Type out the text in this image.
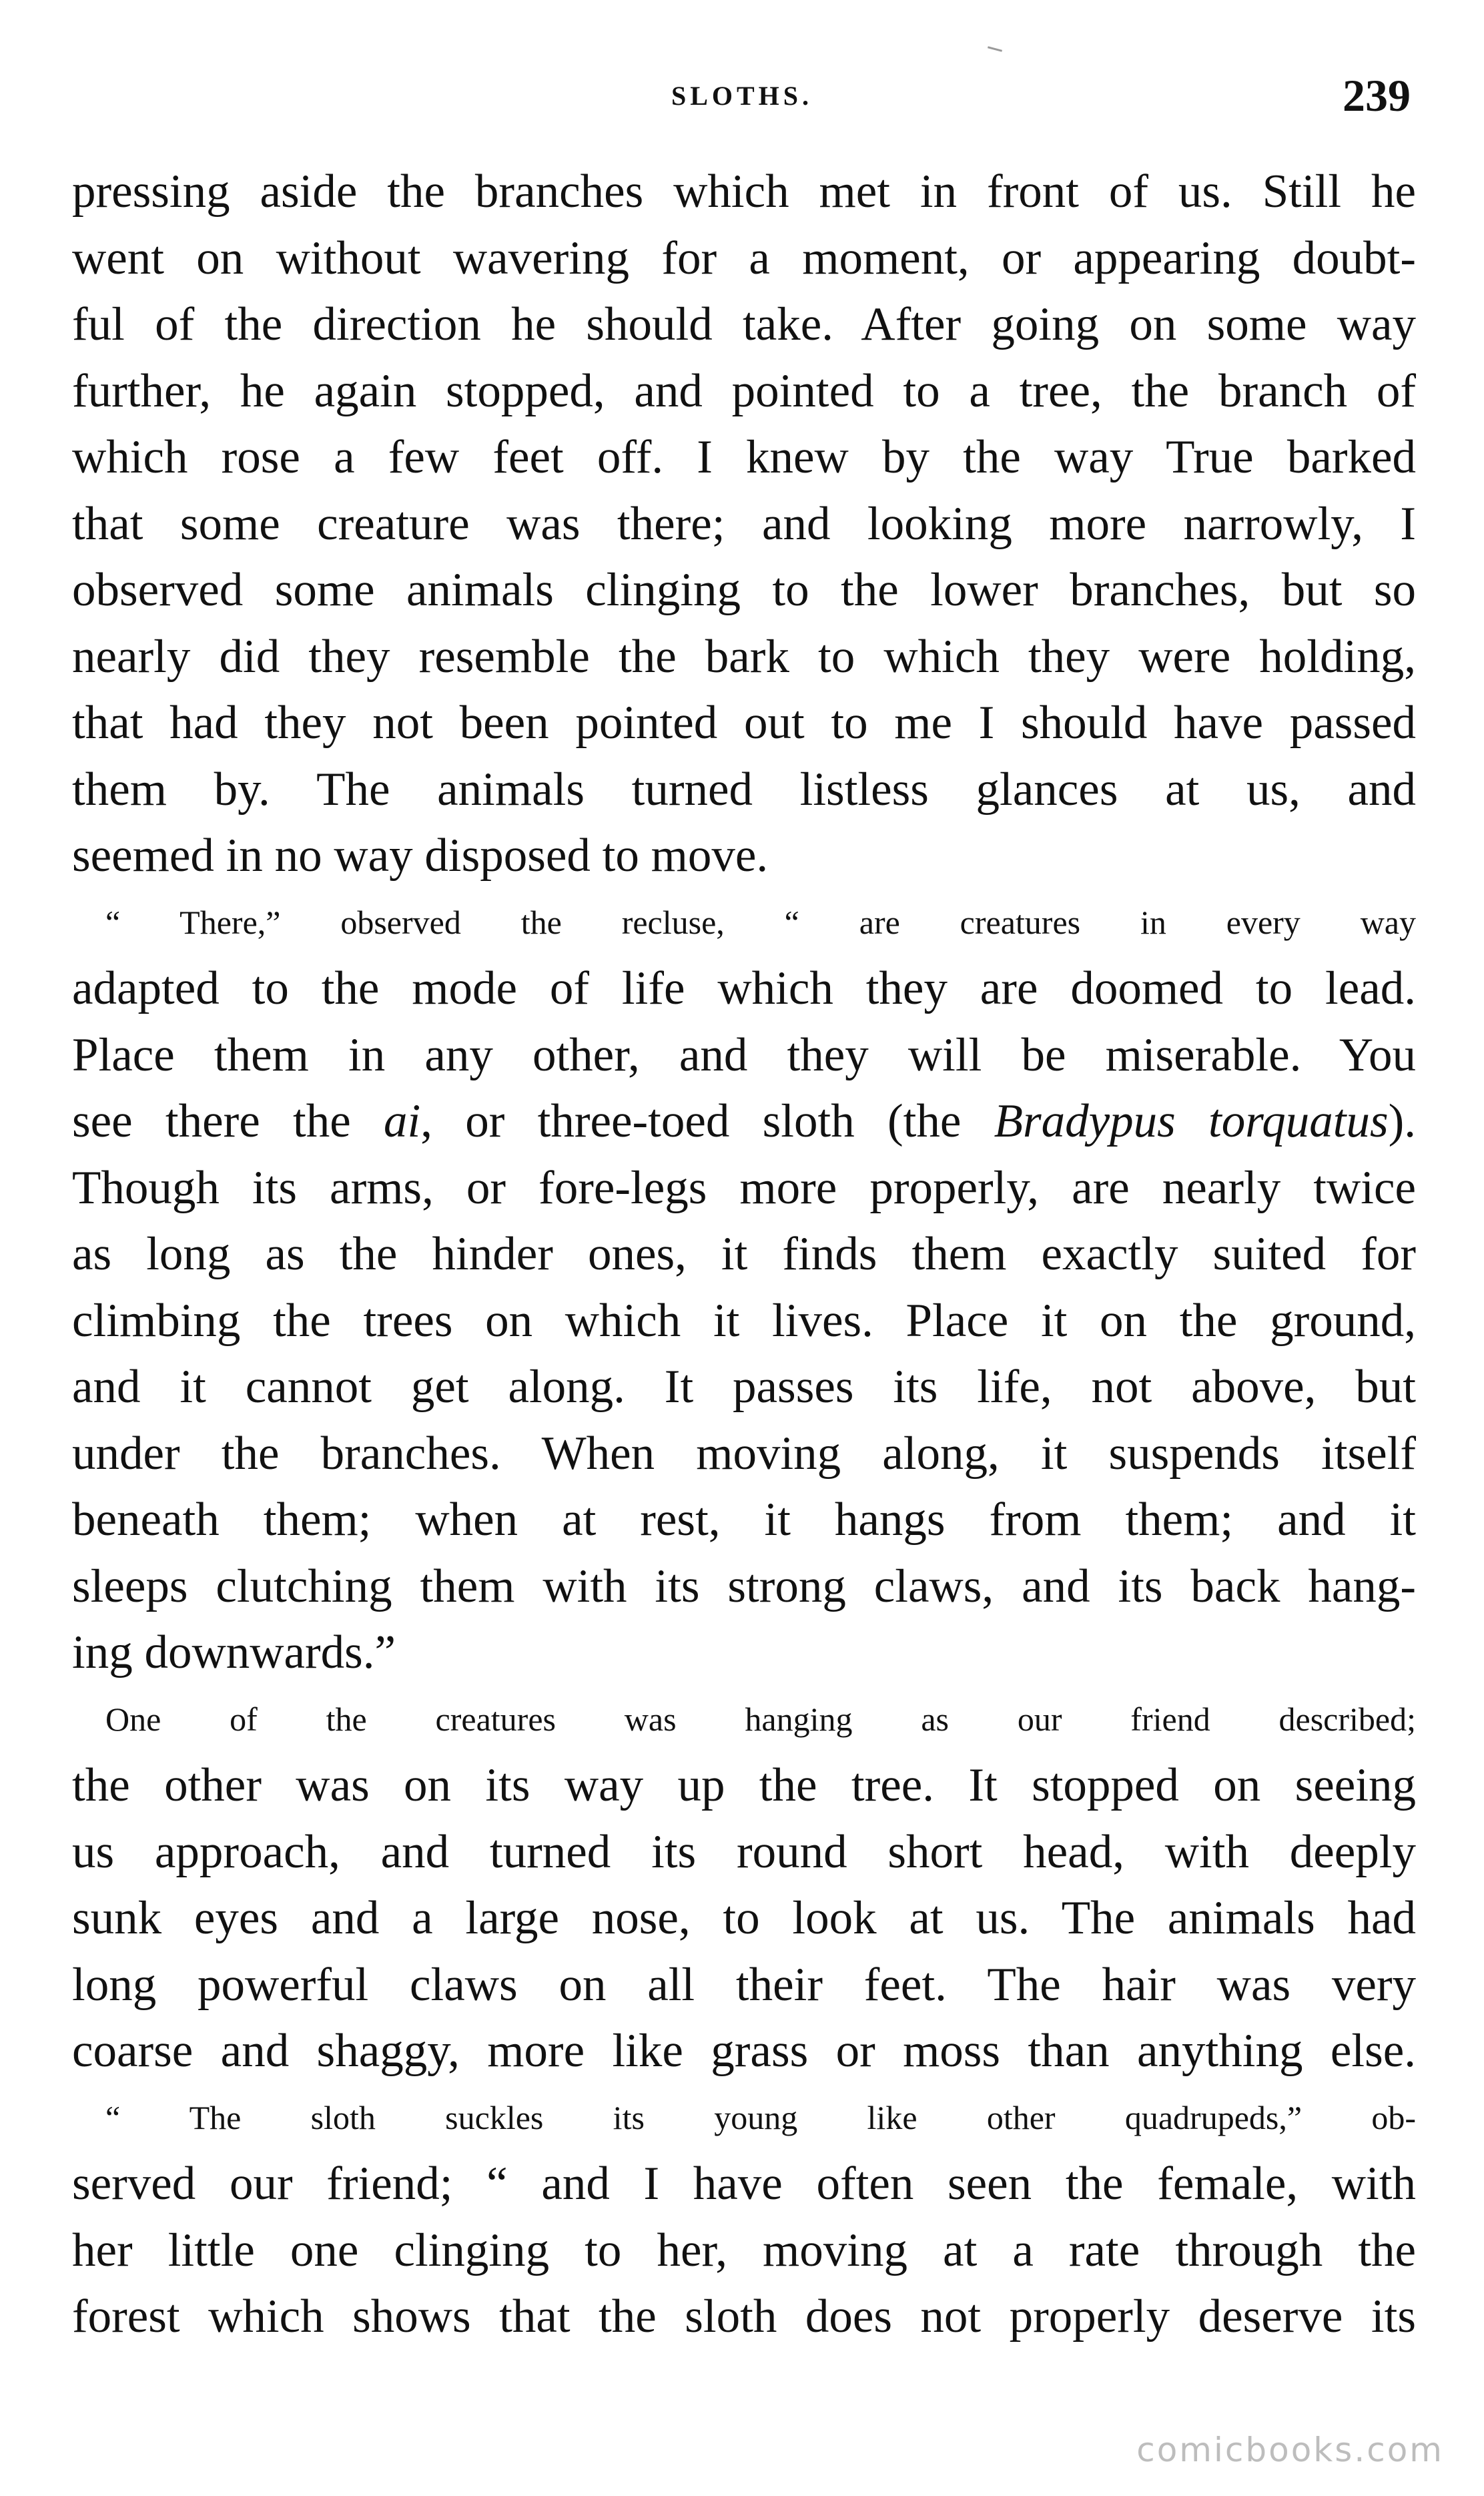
SLOTHS.	239
pressing aside the branches which met in front of us. Still he
went on without wavering for a moment, or appearing doubt-
ful of the direction he should take. After going on some way
further, he again stopped, and pointed to a tree, the branch of
which rose a few feet off. I knew by the way True barked
that some creature was there; and looking more narrowly, I
observed some animals clinging to the lower branches, but so
nearly did they resemble the bark to which they were holding,
that had they not been pointed out to me I should have passed
them by. The animals turned listless glances at us, and
seemed in no way disposed to move.
“ There,” observed the recluse, “ are creatures in every way
adapted to the mode of life which they are doomed to lead.
Place them in any other, and they will be miserable. You
see there the ai, or three-toed sloth (the Bradypus torquatus).
Though its arms, or fore-legs more properly, are nearly twice
as long as the hinder ones, it finds them exactly suited for
climbing the trees on which it lives. Place it on the ground,
and it cannot get along. It passes its life, not above, but
under the branches. When moving along, it suspends itself
beneath them; when at rest, it hangs from them; and it
sleeps clutching them with its strong claws, and its back hang-
ing downwards.”
One of the creatures was hanging as our friend described;
the other was on its way up the tree. It stopped on seeing
us approach, and turned its round short head, with deeply
sunk eyes and a large nose, to look at us. The animals had
long powerful claws on all their feet. The hair was very
coarse and shaggy, more like grass or moss than anything else.
“ The sloth suckles its young like other quadrupeds,” ob-
served our friend; “ and I have often seen the female, with
her little one clinging to her, moving at a rate through the
forest which shows that the sloth does not properly deserve its
comicbooks.com
